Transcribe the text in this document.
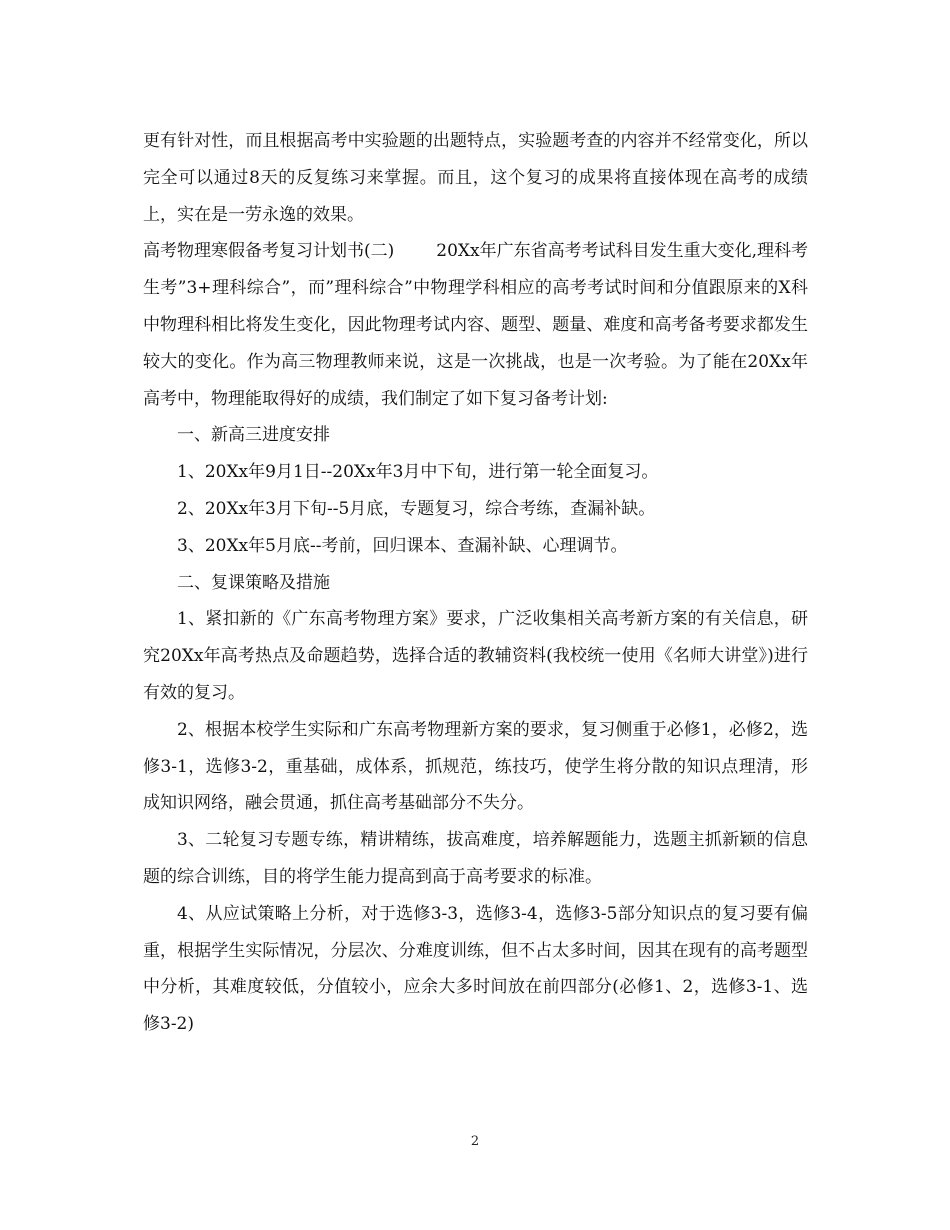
更有针对性，而且根据高考中实验题的出题特点，实验题考查的内容并不经常变化，所以完全可以通过8天的反复练习来掌握。而且，这个复习的成果将直接体现在高考的成绩上，实在是一劳永逸的效果。

高考物理寒假备考复习计划书(二) 20Xx年广东省高考考试科目发生重大变化,理科考生考”3+理科综合”，而”理科综合”中物理学科相应的高考考试时间和分值跟原来的X科中物理科相比将发生变化，因此物理考试内容、题型、题量、难度和高考备考要求都发生较大的变化。作为高三物理教师来说，这是一次挑战，也是一次考验。为了能在20Xx年高考中，物理能取得好的成绩，我们制定了如下复习备考计划:

一、新高三进度安排

1、20Xx年9月1日--20Xx年3月中下旬，进行第一轮全面复习。

2、20Xx年3月下旬--5月底，专题复习，综合考练，查漏补缺。

3、20Xx年5月底--考前，回归课本、查漏补缺、心理调节。

二、复课策略及措施

1、紧扣新的《广东高考物理方案》要求，广泛收集相关高考新方案的有关信息，研究20Xx年高考热点及命题趋势，选择合适的教辅资料(我校统一使用《名师大讲堂》)进行有效的复习。

2、根据本校学生实际和广东高考物理新方案的要求，复习侧重于必修1，必修2，选修3-1，选修3-2，重基础，成体系，抓规范，练技巧，使学生将分散的知识点理清，形成知识网络，融会贯通，抓住高考基础部分不失分。

3、二轮复习专题专练，精讲精练，拔高难度，培养解题能力，选题主抓新颖的信息题的综合训练，目的将学生能力提高到高于高考要求的标准。

4、从应试策略上分析，对于选修3-3，选修3-4，选修3-5部分知识点的复习要有偏重，根据学生实际情况，分层次、分难度训练，但不占太多时间，因其在现有的高考题型中分析，其难度较低，分值较小，应余大多时间放在前四部分(必修1、2，选修3-1、选修3-2)

2
